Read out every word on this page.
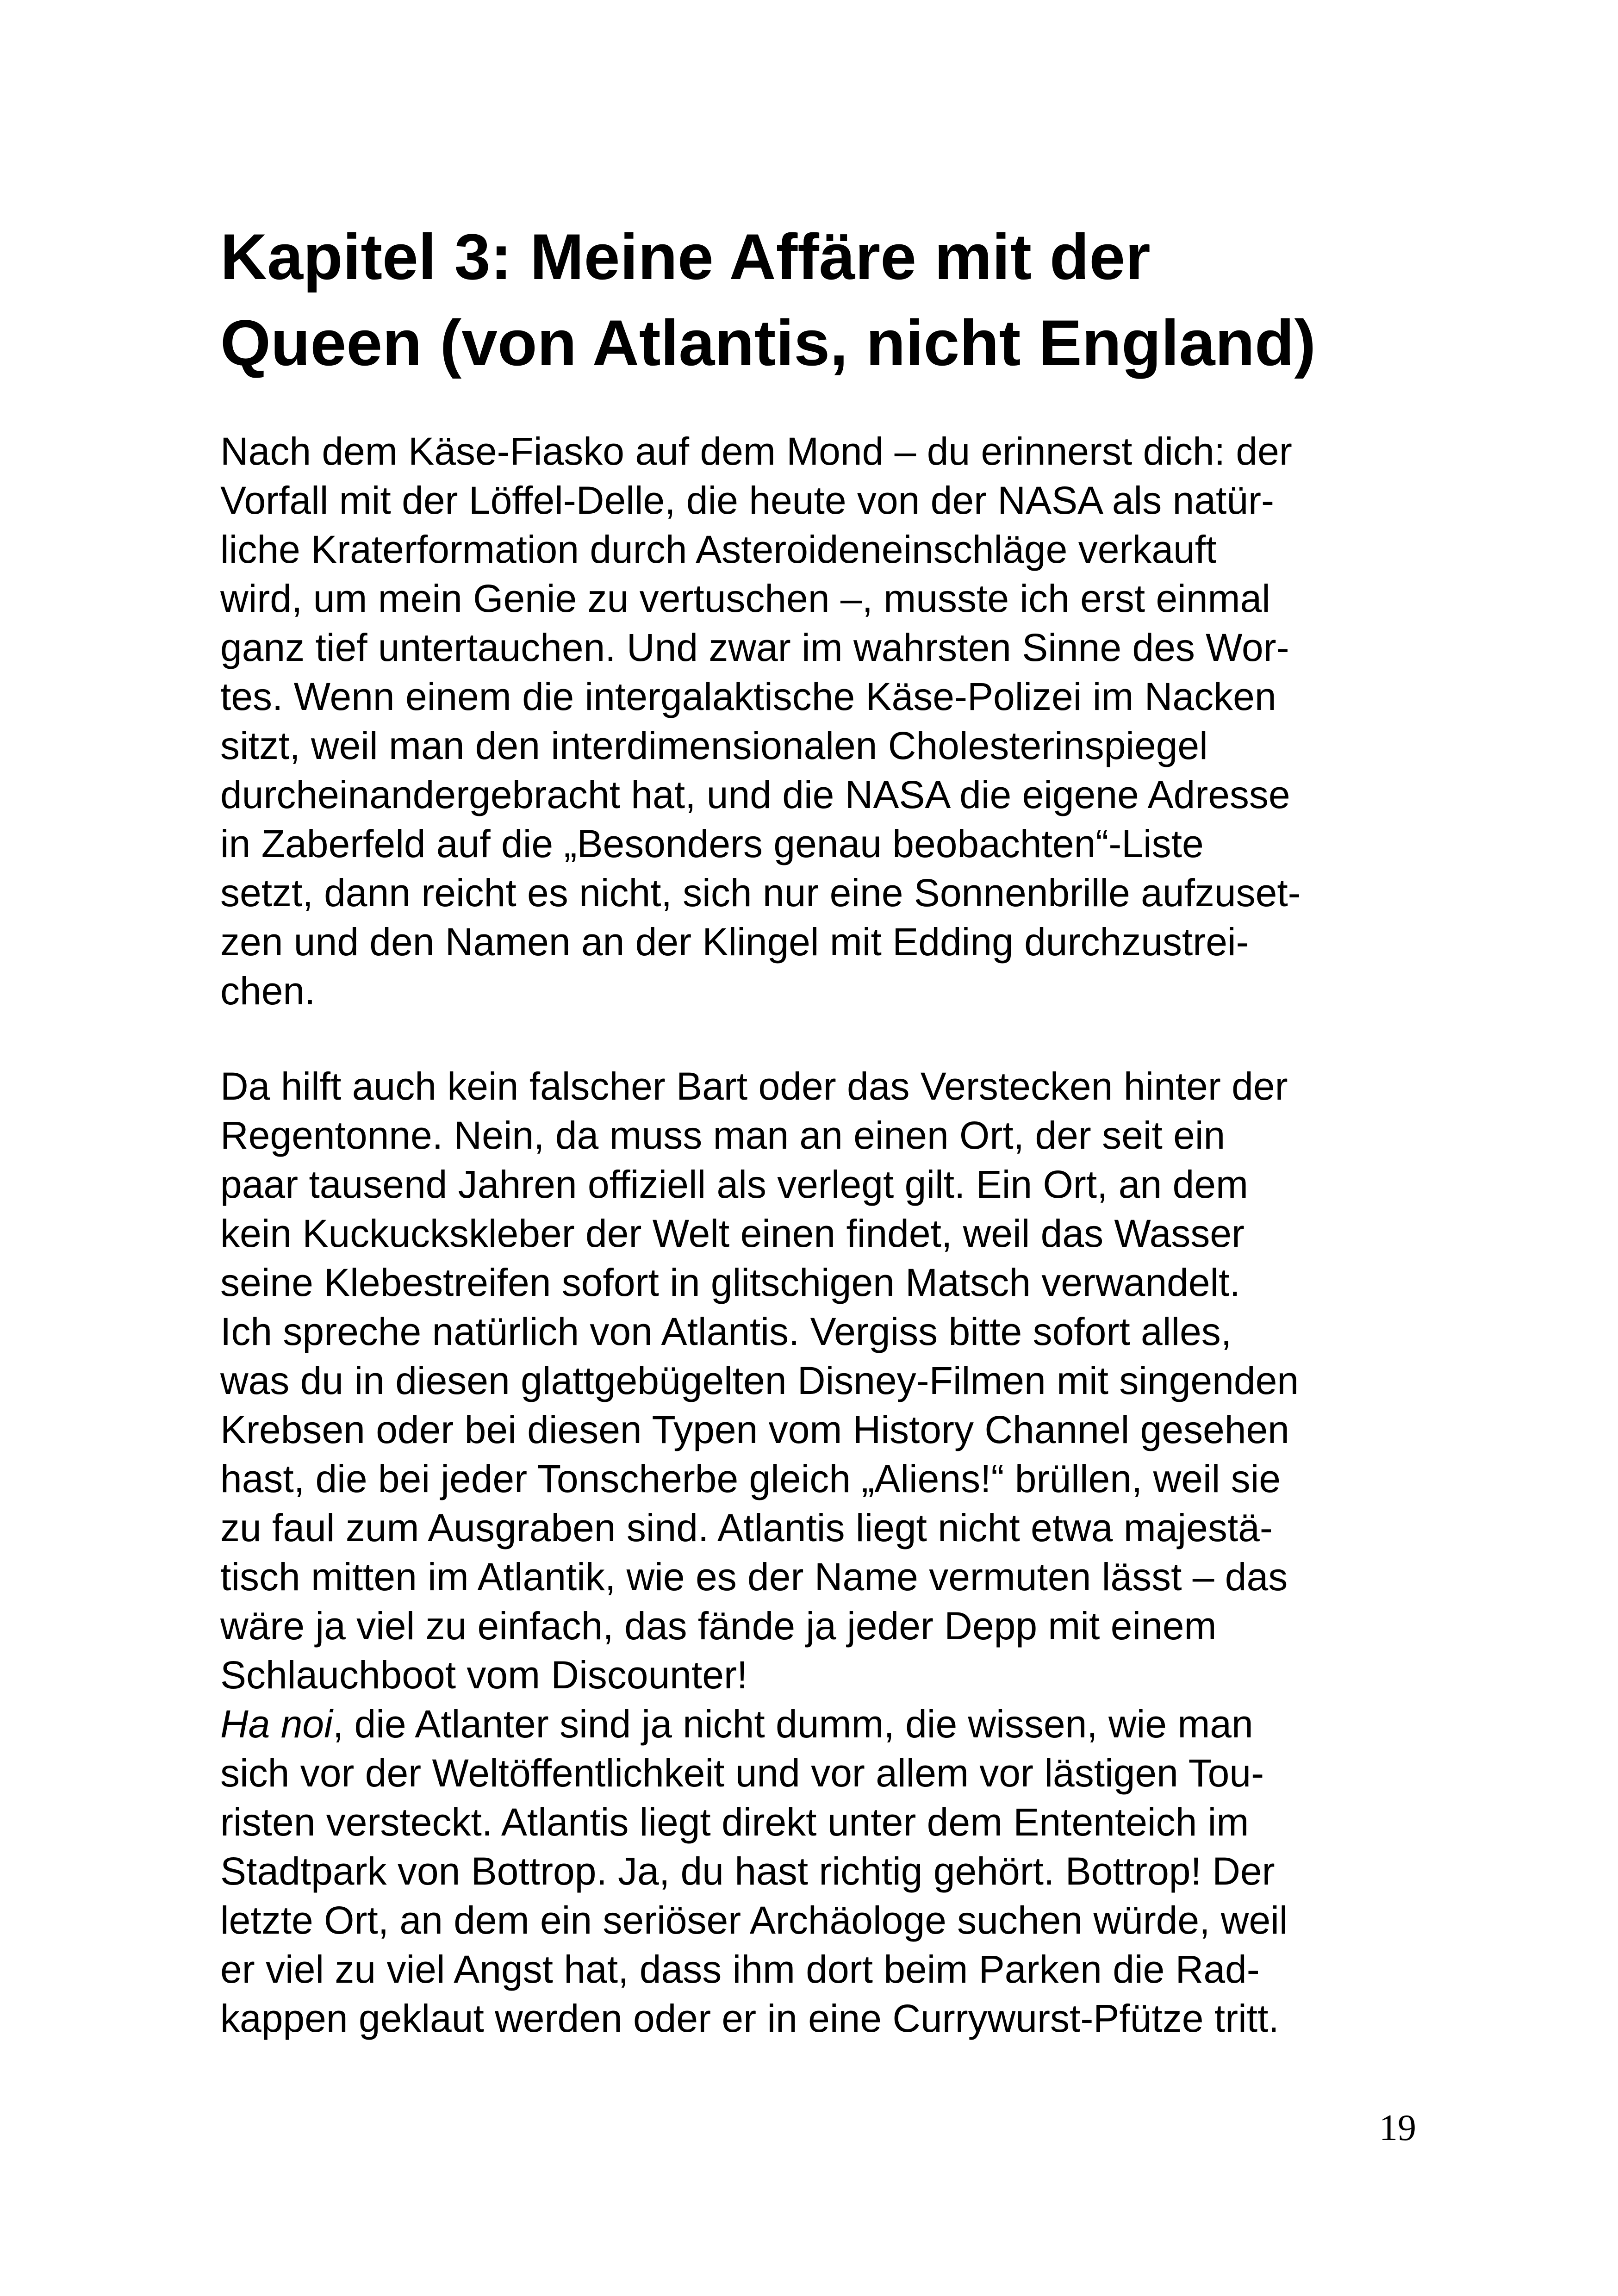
Kapitel 3: Meine Affäre mit der
Queen (von Atlantis, nicht England)
Nach dem Käse-Fiasko auf dem Mond – du erinnerst dich: der
Vorfall mit der Löffel-Delle, die heute von der NASA als natür-
liche Kraterformation durch Asteroideneinschläge verkauft
wird, um mein Genie zu vertuschen –, musste ich erst einmal
ganz tief untertauchen. Und zwar im wahrsten Sinne des Wor-
tes. Wenn einem die intergalaktische Käse-Polizei im Nacken
sitzt, weil man den interdimensionalen Cholesterinspiegel
durcheinandergebracht hat, und die NASA die eigene Adresse
in Zaberfeld auf die „Besonders genau beobachten“-Liste
setzt, dann reicht es nicht, sich nur eine Sonnenbrille aufzuset-
zen und den Namen an der Klingel mit Edding durchzustrei-
chen.
Da hilft auch kein falscher Bart oder das Verstecken hinter der
Regentonne. Nein, da muss man an einen Ort, der seit ein
paar tausend Jahren offiziell als verlegt gilt. Ein Ort, an dem
kein Kuckuckskleber der Welt einen findet, weil das Wasser
seine Klebestreifen sofort in glitschigen Matsch verwandelt.
Ich spreche natürlich von Atlantis. Vergiss bitte sofort alles,
was du in diesen glattgebügelten Disney-Filmen mit singenden
Krebsen oder bei diesen Typen vom History Channel gesehen
hast, die bei jeder Tonscherbe gleich „Aliens!“ brüllen, weil sie
zu faul zum Ausgraben sind. Atlantis liegt nicht etwa majestä-
tisch mitten im Atlantik, wie es der Name vermuten lässt – das
wäre ja viel zu einfach, das fände ja jeder Depp mit einem
Schlauchboot vom Discounter!
Ha noi, die Atlanter sind ja nicht dumm, die wissen, wie man
sich vor der Weltöffentlichkeit und vor allem vor lästigen Tou-
risten versteckt. Atlantis liegt direkt unter dem Ententeich im
Stadtpark von Bottrop. Ja, du hast richtig gehört. Bottrop! Der
letzte Ort, an dem ein seriöser Archäologe suchen würde, weil
er viel zu viel Angst hat, dass ihm dort beim Parken die Rad-
kappen geklaut werden oder er in eine Currywurst-Pfütze tritt.
19
